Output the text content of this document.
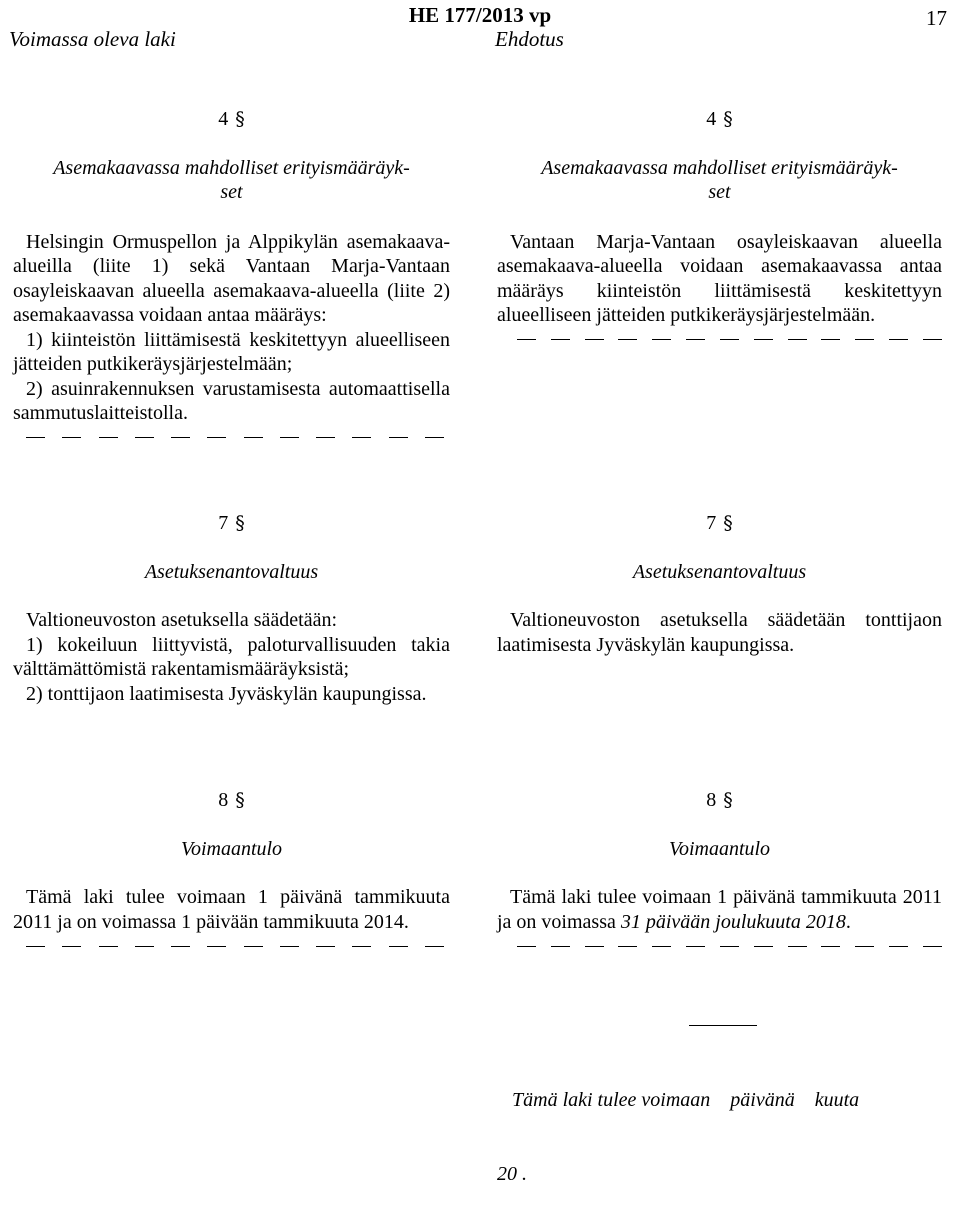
HE 177/2013 vp
Voimassa oleva laki	Ehdotus
17
4 §
Asemakaavassa mahdolliset erityismääräyk-
set

Helsingin Ormuspellon ja Alppikylän asemakaava-alueilla (liite 1) sekä Vantaan Marja-Vantaan osayleiskaavan alueella asemakaava-alueella (liite 2) asemakaavassa voidaan antaa määräys:

1) kiinteistön liittämisestä keskitettyyn alueelliseen jätteiden putkikeräysjärjestelmään;

2) asuinrakennuksen varustamisesta automaattisella sammutuslaitteistolla.

4 §
Asemakaavassa mahdolliset erityismääräyk-
set

Vantaan Marja-Vantaan osayleiskaavan alueella asemakaava-alueella voidaan asemakaavassa antaa määräys kiinteistön liittämisestä keskitettyyn alueelliseen jätteiden putkikeräysjärjestelmään.

7 §
Asetuksenantovaltuus

Valtioneuvoston asetuksella säädetään:

1) kokeiluun liittyvistä, paloturvallisuuden takia välttämättömistä rakentamismääräyksistä;

2) tonttijaon laatimisesta Jyväskylän kaupungissa.

7 §
Asetuksenantovaltuus

Valtioneuvoston asetuksella säädetään tonttijaon laatimisesta Jyväskylän kaupungissa.

8 §
Voimaantulo

Tämä laki tulee voimaan 1 päivänä tammikuuta 2011 ja on voimassa 1 päivään tammikuuta 2014.

8 §
Voimaantulo

Tämä laki tulee voimaan 1 päivänä tammikuuta 2011 ja on voimassa 31 päivään joulukuuta 2018.

Tämä laki tulee voimaan    päivänä    kuuta

20 .
